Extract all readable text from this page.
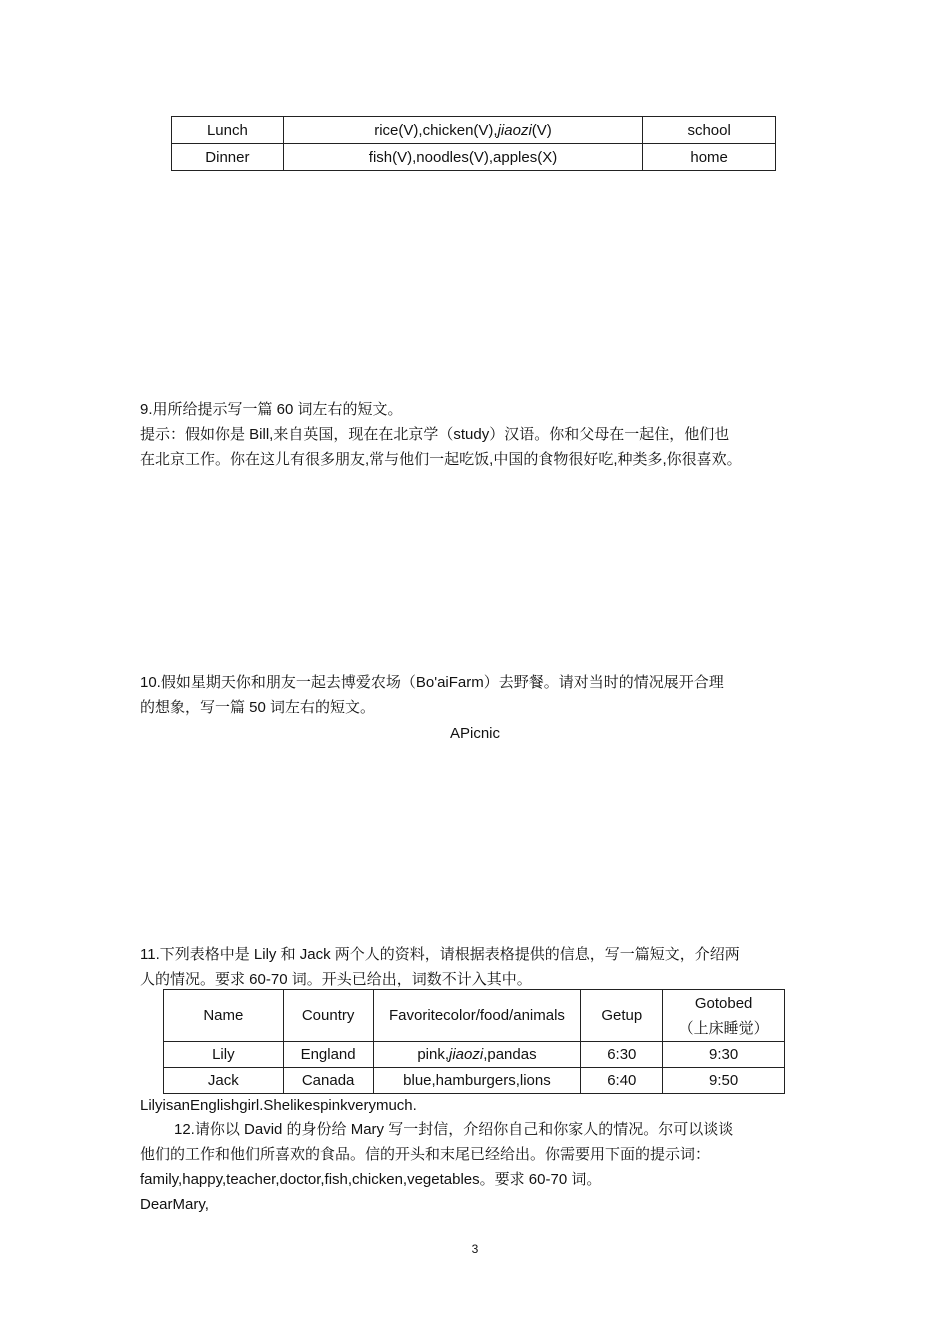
Lunch	rice(V),chicken(V),jiaozi(V)	school
Dinner	fish(V),noodles(V),apples(X)	home
9.用所给提示写一篇 60 词左右的短文。
提示：假如你是 Bill,来自英国，现在在北京学（study）汉语。你和父母在一起住，他们也
在北京工作。你在这儿有很多朋友,常与他们一起吃饭,中国的食物很好吃,种类多,你很喜欢。
10.假如星期天你和朋友一起去博爱农场（Bo'aiFarm）去野餐。请对当时的情况展开合理
的想象，写一篇 50 词左右的短文。
APicnic
11.下列表格中是 Lily 和 Jack 两个人的资料，请根据表格提供的信息，写一篇短文，介绍两
人的情况。要求 60-70 词。开头已给出，词数不计入其中。
Name	Country	Favoritecolor/food/animals	Getup	Gotobed
（上床睡觉）

Lily	England	pink,jiaozi,pandas	6:30	9:30
Jack	Canada	blue,hamburgers,lions	6:40	9:50
LilyisanEnglishgirl.Shelikespinkverymuch.
12.请你以 David 的身份给 Mary 写一封信，介绍你自己和你家人的情况。尔可以谈谈
他们的工作和他们所喜欢的食品。信的开头和末尾已经给出。你需要用下面的提示词：
family,happy,teacher,doctor,fish,chicken,vegetables。要求 60-70 词。
DearMary,
3
